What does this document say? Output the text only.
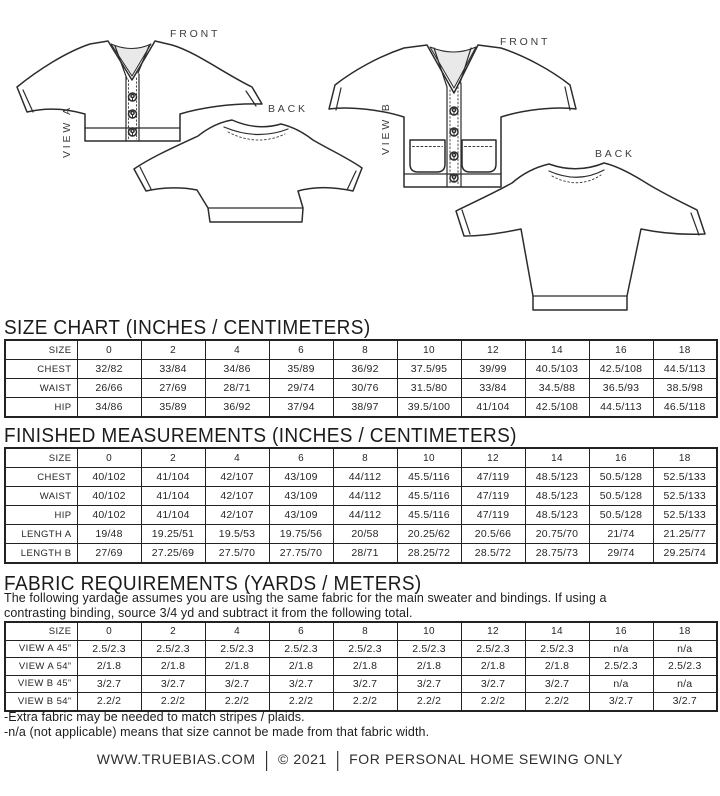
FRONT
BACK
VIEW A
FRONT
BACK
VIEW B
SIZE CHART (INCHES / CENTIMETERS)
SIZE	0	2	4	6	8	10	12	14	16	18
CHEST	32/82	33/84	34/86	35/89	36/92	37.5/95	39/99	40.5/103	42.5/108	44.5/113
WAIST	26/66	27/69	28/71	29/74	30/76	31.5/80	33/84	34.5/88	36.5/93	38.5/98
HIP	34/86	35/89	36/92	37/94	38/97	39.5/100	41/104	42.5/108	44.5/113	46.5/118
FINISHED MEASUREMENTS (INCHES / CENTIMETERS)
SIZE	0	2	4	6	8	10	12	14	16	18
CHEST	40/102	41/104	42/107	43/109	44/112	45.5/116	47/119	48.5/123	50.5/128	52.5/133
WAIST	40/102	41/104	42/107	43/109	44/112	45.5/116	47/119	48.5/123	50.5/128	52.5/133
HIP	40/102	41/104	42/107	43/109	44/112	45.5/116	47/119	48.5/123	50.5/128	52.5/133
LENGTH A	19/48	19.25/51	19.5/53	19.75/56	20/58	20.25/62	20.5/66	20.75/70	21/74	21.25/77
LENGTH B	27/69	27.25/69	27.5/70	27.75/70	28/71	28.25/72	28.5/72	28.75/73	29/74	29.25/74
FABRIC REQUIREMENTS (YARDS / METERS)
The following yardage assumes you are using the same fabric for the main sweater and bindings. If using a
contrasting binding, source 3/4 yd and subtract it from the following total.
SIZE	0	2	4	6	8	10	12	14	16	18
VIEW A 45”	2.5/2.3	2.5/2.3	2.5/2.3	2.5/2.3	2.5/2.3	2.5/2.3	2.5/2.3	2.5/2.3	n/a	n/a
VIEW A 54”	2/1.8	2/1.8	2/1.8	2/1.8	2/1.8	2/1.8	2/1.8	2/1.8	2.5/2.3	2.5/2.3
VIEW B 45”	3/2.7	3/2.7	3/2.7	3/2.7	3/2.7	3/2.7	3/2.7	3/2.7	n/a	n/a
VIEW B 54”	2.2/2	2.2/2	2.2/2	2.2/2	2.2/2	2.2/2	2.2/2	2.2/2	3/2.7	3/2.7
-Extra fabric may be needed to match stripes / plaids.
-n/a (not applicable) means that size cannot be made from that fabric width.
WWW.TRUEBIAS.COM | © 2021 | FOR PERSONAL HOME SEWING ONLY
